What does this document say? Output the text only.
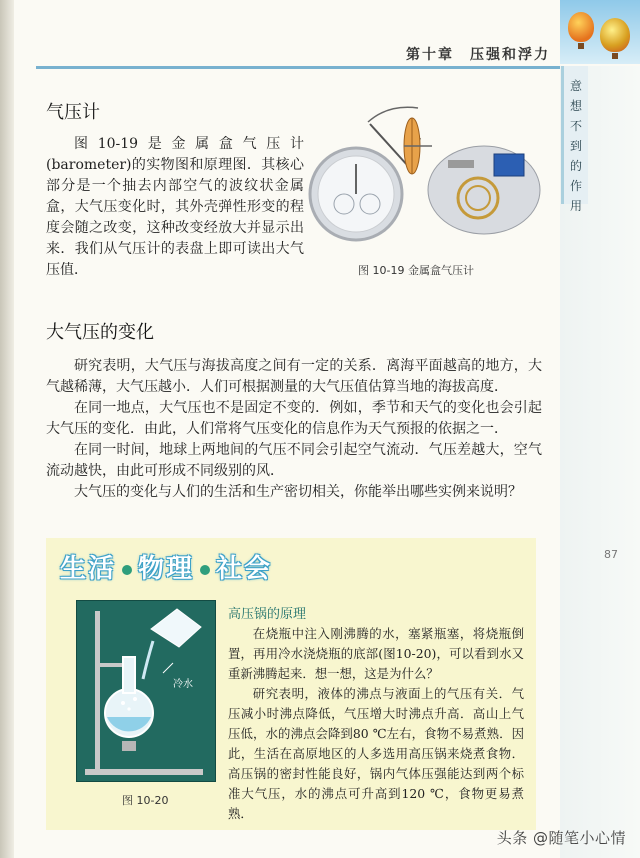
第十章　压强和浮力
意
想
不
到
的
作
用
87
气压计

图10-19是金属盒气压计(barometer)的实物图和原理图．其核心部分是一个抽去内部空气的波纹状金属盒，大气压变化时，其外壳弹性形变的程度会随之改变，这种改变经放大并显示出来．我们从气压计的表盘上即可读出大气压值．	图 10-19 金属盒气压计
大气压的变化

研究表明，大气压与海拔高度之间有一定的关系．离海平面越高的地方，大气越稀薄，大气压越小．人们可根据测量的大气压值估算当地的海拔高度．

在同一地点，大气压也不是固定不变的．例如，季节和天气的变化也会引起大气压的变化．由此，人们常将气压变化的信息作为天气预报的依据之一．

在同一时间，地球上两地间的气压不同会引起空气流动．气压差越大，空气流动越快，由此可形成不同级别的风．

大气压的变化与人们的生活和生产密切相关，你能举出哪些实例来说明？

生活 物理 社会
冷水
图 10-20
高压锅的原理

在烧瓶中注入刚沸腾的水，塞紧瓶塞，将烧瓶倒置，再用冷水浇烧瓶的底部(图10-20)，可以看到水又重新沸腾起来．想一想，这是为什么？

研究表明，液体的沸点与液面上的气压有关．气压减小时沸点降低，气压增大时沸点升高．高山上气压低，水的沸点会降到80 ℃左右，食物不易煮熟．因此，生活在高原地区的人多选用高压锅来烧煮食物．高压锅的密封性能良好，锅内气体压强能达到两个标准大气压，水的沸点可升高到120 ℃，食物更易煮熟．

头条 @随笔小心情
